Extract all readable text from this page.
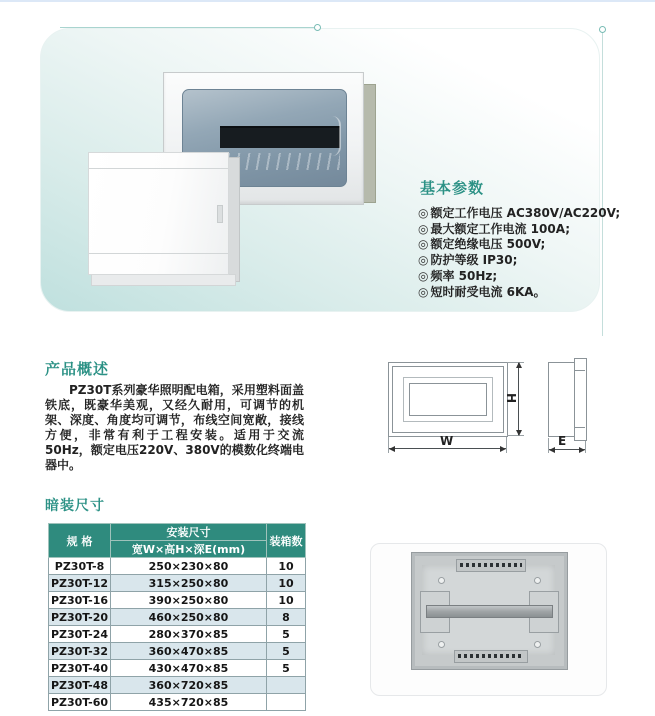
基本参数
◎ 额定工作电压 AC380V/AC220V;
◎ 最大额定工作电流 100A;
◎ 额定绝缘电压 500V;
◎ 防护等级 IP30;
◎ 频率 50Hz;
◎ 短时耐受电流 6KA。
产品概述
PZ30T系列豪华照明配电箱，采用塑料面盖铁底，既豪华美观，又经久耐用，可调节的机架、深度、角度均可调节，布线空间宽敞，接线方便，非常有利于工程安装。适用于交流50Hz，额定电压220V、380V的模数化终端电器中。
H
W	E
暗装尺寸
规 格	安装尺寸	装箱数
	宽W×高H×深E(mm)	
PZ30T-8	250×230×80	10
PZ30T-12	315×250×80	10
PZ30T-16	390×250×80	10
PZ30T-20	460×250×80	8
PZ30T-24	280×370×85	5
PZ30T-32	360×470×85	5
PZ30T-40	430×470×85	5
PZ30T-48	360×720×85	
PZ30T-60	435×720×85	
